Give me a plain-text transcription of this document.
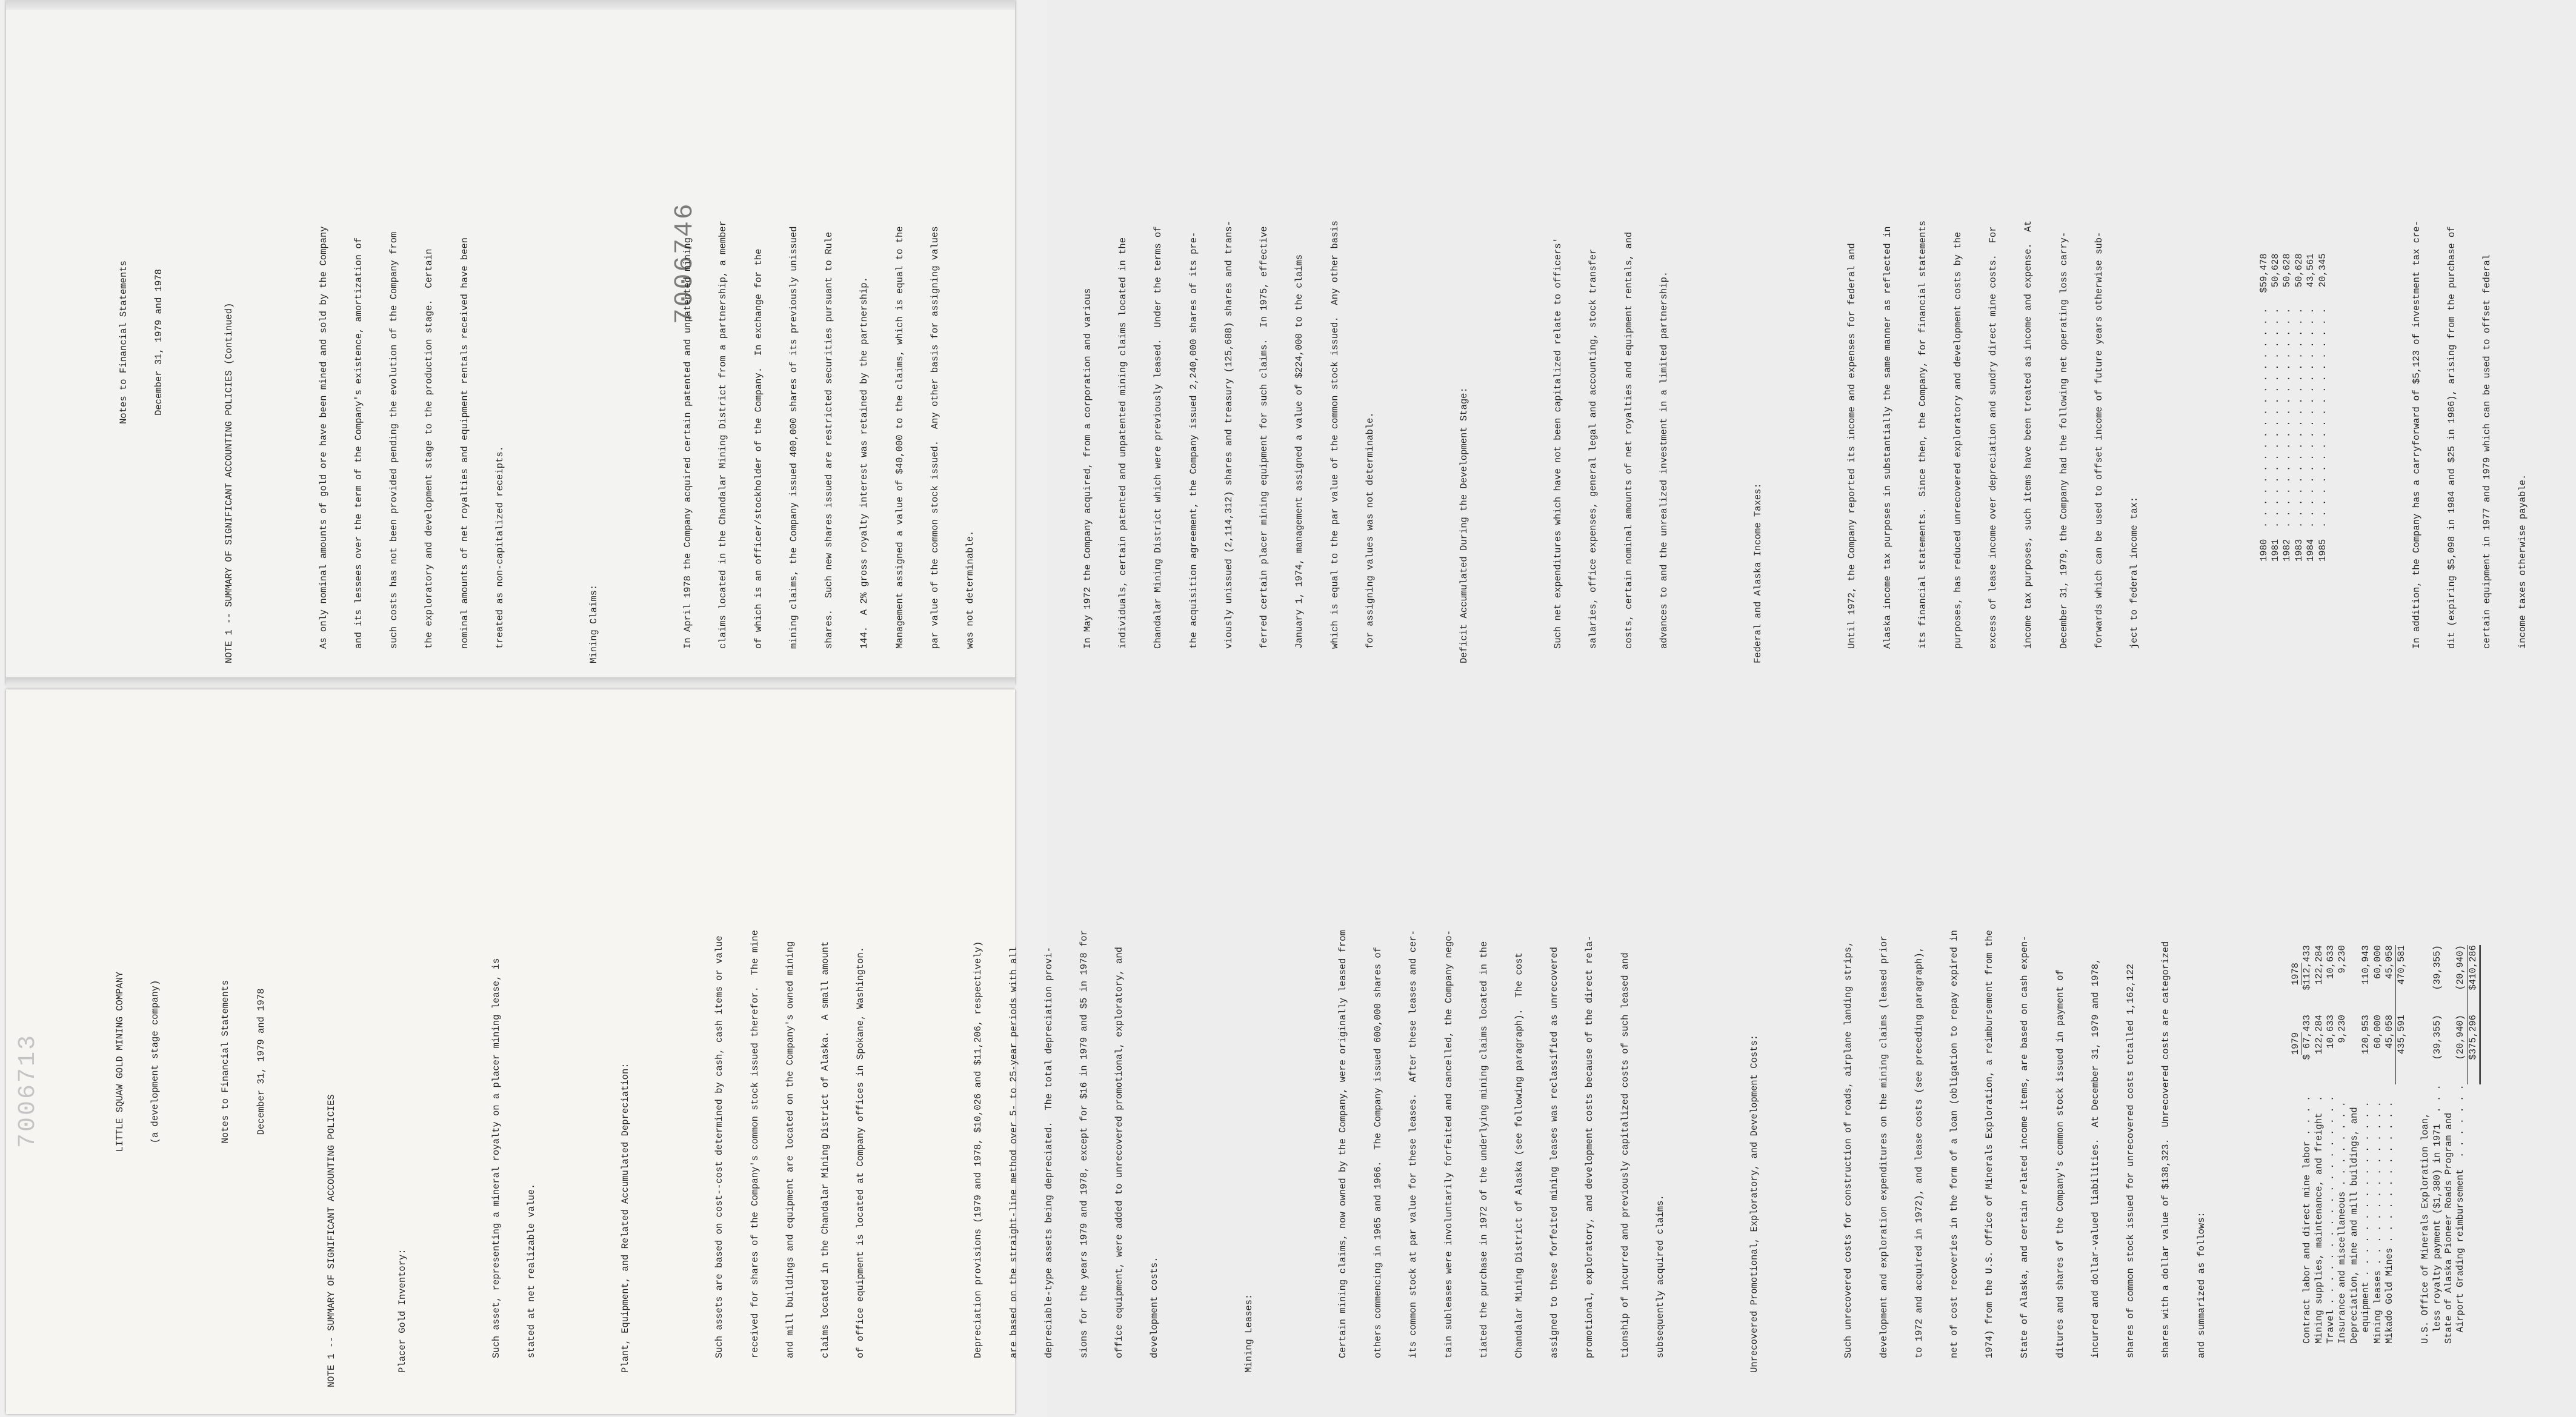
7006746
7006713

Notes to Financial Statements

	December 31, 1979 and 1978

	NOTE 1 -- SUMMARY OF SIGNIFICANT ACCOUNTING POLICIES (Continued)

	As only nominal amounts of gold ore have been mined and sold by the Company

	and its lessees over the term of the Company's existence, amortization of

	such costs has not been provided pending the evolution of the Company from

	the exploratory and development stage to the production stage.  Certain

	nominal amounts of net royalties and equipment rentals received have been

	treated as non-capitalized receipts.

	Mining Claims:

	In April 1978 the Company acquired certain patented and unpatented mining

	claims located in the Chandalar Mining District from a partnership, a member

	of which is an officer/stockholder of the Company.  In exchange for the

	mining claims, the Company issued 400,000 shares of its previously unissued

	shares.  Such new shares issued are restricted securities pursuant to Rule

	144.  A 2% gross royalty interest was retained by the partnership.

	Management assigned a value of $40,000 to the claims, which is equal to the

	par value of the common stock issued.  Any other basis for assigning values

	was not determinable.

	In May 1972 the Company acquired, from a corporation and various

	individuals, certain patented and unpatented mining claims located in the

	Chandalar Mining District which were previously leased.  Under the terms of

	the acquisition agreement, the Company issued 2,240,000 shares of its pre-

	viously unissued (2,114,312) shares and treasury (125,688) shares and trans-

	ferred certain placer mining equipment for such claims.  In 1975, effective

	January 1, 1974, management assigned a value of $224,000 to the claims

	which is equal to the par value of the common stock issued.  Any other basis

	for assigning values was not determinable.

	Deficit Accumulated During the Development Stage:

	Such net expenditures which have not been capitalized relate to officers'

	salaries, office expenses, general legal and accounting, stock transfer

	costs, certain nominal amounts of net royalties and equipment rentals, and

	advances to and the unrealized investment in a limited partnership.

	Federal and Alaska Income Taxes:

	Until 1972, the Company reported its income and expenses for federal and

	Alaska income tax purposes in substantially the same manner as reflected in

	its financial statements.  Since then, the Company, for financial statements

	purposes, has reduced unrecovered exploratory and development costs by the

	excess of lease income over depreciation and sundry direct mine costs.  For

	income tax purposes, such items have been treated as income and expense.  At

	December 31, 1979, the Company had the following net operating loss carry-

	forwards which can be used to offset income of future years otherwise sub-

	ject to federal income tax:

	1980		. . . . . . . . . . . . . . . . . . . .	$59,478
1981		. . . . . . . . . . . . . . . . . . . .	50,628
1982		. . . . . . . . . . . . . . . . . . . .	50,628
1983		. . . . . . . . . . . . . . . . . . . .	50,628
1984		. . . . . . . . . . . . . . . . . . . .	43,561
1985		. . . . . . . . . . . . . . . . . . . .	20,345

	In addition, the Company has a carryforward of $5,123 of investment tax cre-

	dit (expiring $5,098 in 1984 and $25 in 1986), arising from the purchase of

	certain equipment in 1977 and 1979 which can be used to offset federal

	income taxes otherwise payable.

LITTLE SQUAW GOLD MINING COMPANY

	(a development stage company)

	Notes to Financial Statements

	December 31, 1979 and 1978

NOTE 1 -- SUMMARY OF SIGNIFICANT ACCOUNTING POLICIES

	Placer Gold Inventory:

	Such asset, representing a mineral royalty on a placer mining lease, is

	stated at net realizable value.

	Plant, Equipment, and Related Accumulated Depreciation:

	Such assets are based on cost--cost determined by cash, cash items or value

	received for shares of the Company's common stock issued therefor.  The mine

	and mill buildings and equipment are located on the Company's owned mining

	claims located in the Chandalar Mining District of Alaska.  A small amount

	of office equipment is located at Company offices in Spokane, Washington.

	Depreciation provisions (1979 and 1978, $10,026 and $11,206, respectively)

	are based on the straight-line method over 5- to 25-year periods with all

	depreciable-type assets being depreciated.  The total depreciation provi-

	sions for the years 1979 and 1978, except for $16 in 1979 and $5 in 1978 for

	office equipment, were added to unrecovered promotional, exploratory, and

	development costs.

	Mining Leases:

	Certain mining claims, now owned by the Company, were originally leased from

	others commencing in 1965 and 1966.  The Company issued 600,000 shares of

	its common stock at par value for these leases.  After these leases and cer-

	tain subleases were involuntarily forfeited and cancelled, the Company nego-

	tiated the purchase in 1972 of the underlying mining claims located in the

	Chandalar Mining District of Alaska (see following paragraph).  The cost

	assigned to these forfeited mining leases was reclassified as unrecovered

	promotional, exploratory, and development costs because of the direct rela-

	tionship of incurred and previously capitalized costs of such leased and

	subsequently acquired claims.

	Unrecovered Promotional, Exploratory, and Development Costs:

	Such unrecovered costs for construction of roads, airplane landing strips,

	development and exploration expenditures on the mining claims (leased prior

	to 1972 and acquired in 1972), and lease costs (see preceding paragraph),

	net of cost recoveries in the form of a loan (obligation to repay expired in

	1974) from the U.S. Office of Minerals Exploration, a reimbursement from the

	State of Alaska, and certain related income items, are based on cash expen-

	ditures and shares of the Company's common stock issued in payment of

	incurred and dollar-valued liabilities.  At December 31, 1979 and 1978,

	shares of common stock issued for unrecovered costs totalled 1,162,122

	shares with a dollar value of $138,323.  Unrecovered costs are categorized

	and summarized as follows:

	1979	1978
Contract labor and direct mine labor . . . .	$ 67,433	$112,433
Mining supplies, maintenance, and freight  .	122,284	122,284
Travel . . . . . . . . . . . . . . . . . . .	10,633	10,633
Insurance and miscellaneous . . . . . . . .	9,230	9,230
Depreciation, mine and mill buildings, and		
equipment . . . . . . . . . . . . . . . .	120,953	110,943
Mining leases . . . . . . . . . . . . . . .	60,000	60,000
Mikado Gold Mines . . . . . . . . . . . . .	45,058	45,058
	435,591	470,581

U.S. Office of Minerals Exploration loan,		
less royalty payment ($1,380) in 1971  . . .	(39,355)	(39,355)
State of Alaska Pioneer Roads Program and		
Airport Grading reimbursement  . . . . . . .	(20,940)	(20,940)
	$375,296	$410,286
